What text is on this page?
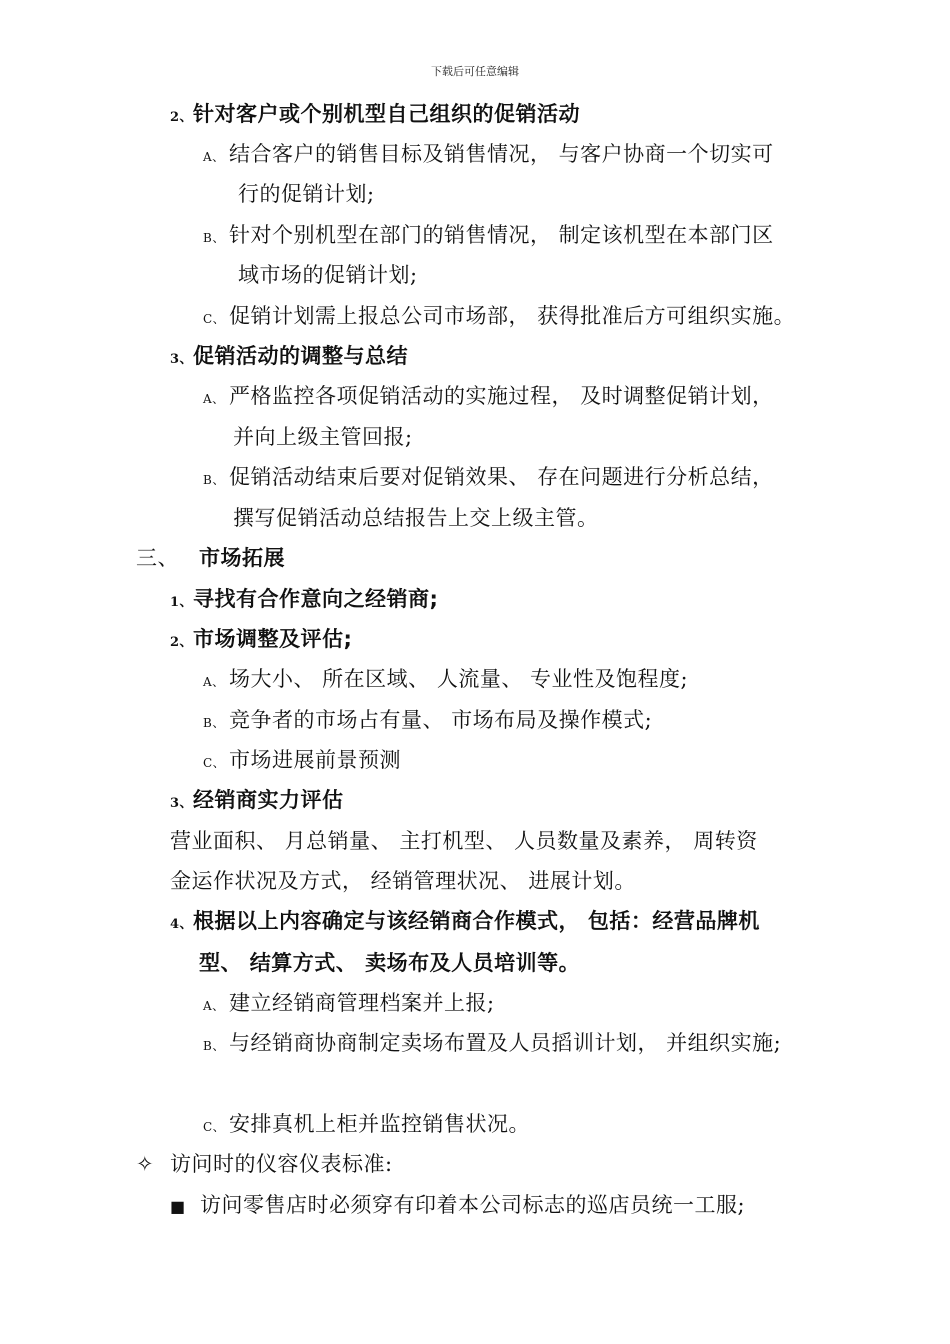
下载后可任意编辑
2、针对客户或个别机型自己组织的促销活动
A、 结合客户的销售目标及销售情况， 与客户协商一个切实可
行的促销计划;
B、 针对个别机型在部门的销售情况， 制定该机型在本部门区
域市场的促销计划;
C、 促销计划需上报总公司市场部， 获得批准后方可组织实施。
3、促销活动的调整与总结
A、 严格监控各项促销活动的实施过程， 及时调整促销计划，
并向上级主管回报;
B、 促销活动结束后要对促销效果、 存在问题进行分析总结，
撰写促销活动总结报告上交上级主管。
三、 市场拓展
1、寻找有合作意向之经销商;
2、市场调整及评估;
A、 场大小、 所在区域、 人流量、 专业性及饱程度;
B、 竞争者的市场占有量、 市场布局及操作模式;
C、 市场进展前景预测
3、经销商实力评估
营业面积、 月总销量、 主打机型、 人员数量及素养， 周转资
金运作状况及方式， 经销管理状况、 进展计划。
4、根据以上内容确定与该经销商合作模式， 包括：经营品牌机
型、 结算方式、 卖场布及人员培训等。
A、 建立经销商管理档案并上报;
B、 与经销商协商制定卖场布置及人员搯训计划， 并组织实施;
C、 安排真机上柜并监控销售状况。
✧ 访问时的仪容仪表标准:
■ 访问零售店时必须穿有印着本公司标志的巡店员统一工服;
